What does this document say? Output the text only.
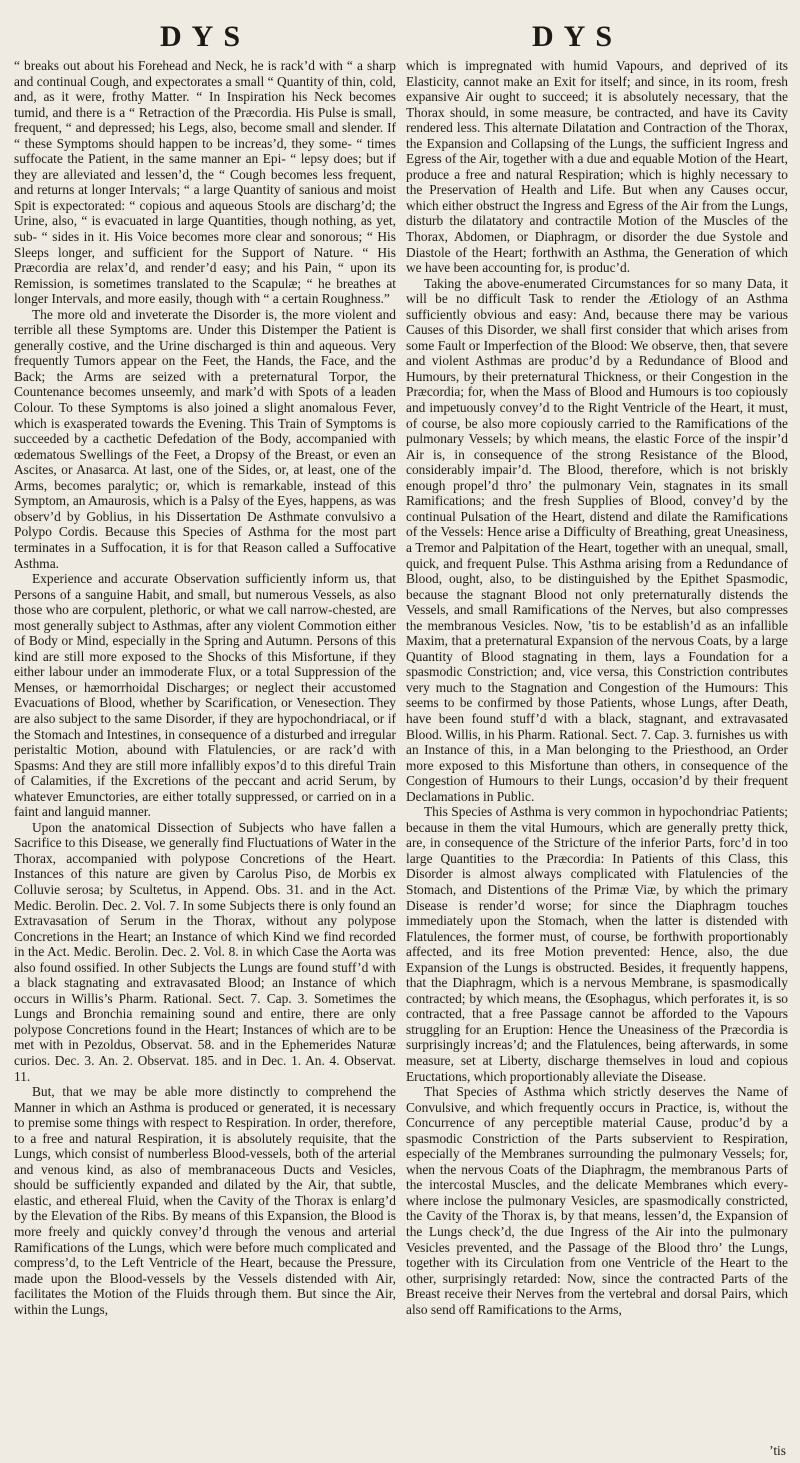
DYS	DYS

“ breaks out about his Forehead and Neck, he is rack’d with “ a sharp and continual Cough, and expectorates a small “ Quantity of thin, cold, and, as it were, frothy Matter. “ In Inspiration his Neck becomes tumid, and there is a “ Retraction of the Præcordia. His Pulse is small, frequent, “ and depressed; his Legs, also, become small and slender. If “ these Symptoms should happen to be increas’d, they some- “ times suffocate the Patient, in the same manner an Epi- “ lepsy does; but if they are alleviated and lessen’d, the “ Cough becomes less frequent, and returns at longer Intervals; “ a large Quantity of sanious and moist Spit is expectorated: “ copious and aqueous Stools are discharg’d; the Urine, also, “ is evacuated in large Quantities, though nothing, as yet, sub- “ sides in it. His Voice becomes more clear and sonorous; “ His Sleeps longer, and sufficient for the Support of Nature. “ His Præcordia are relax’d, and render’d easy; and his Pain, “ upon its Remission, is sometimes translated to the Scapulæ; “ he breathes at longer Intervals, and more easily, though with “ a certain Roughness.”

The more old and inveterate the Disorder is, the more violent and terrible all these Symptoms are. Under this Distemper the Patient is generally costive, and the Urine discharged is thin and aqueous. Very frequently Tumors appear on the Feet, the Hands, the Face, and the Back; the Arms are seized with a preternatural Torpor, the Countenance becomes unseemly, and mark’d with Spots of a leaden Colour. To these Symptoms is also joined a slight anomalous Fever, which is exasperated towards the Evening. This Train of Symptoms is succeeded by a cacthetic Defedation of the Body, accompanied with œdematous Swellings of the Feet, a Dropsy of the Breast, or even an Ascites, or Anasarca. At last, one of the Sides, or, at least, one of the Arms, becomes paralytic; or, which is remarkable, instead of this Symptom, an Amaurosis, which is a Palsy of the Eyes, happens, as was observ’d by Goblius, in his Dissertation De Asthmate convulsivo a Polypo Cordis. Because this Species of Asthma for the most part terminates in a Suffocation, it is for that Reason called a Suffocative Asthma.

Experience and accurate Observation sufficiently inform us, that Persons of a sanguine Habit, and small, but numerous Vessels, as also those who are corpulent, plethoric, or what we call narrow-chested, are most generally subject to Asthmas, after any violent Commotion either of Body or Mind, especially in the Spring and Autumn. Persons of this kind are still more exposed to the Shocks of this Misfortune, if they either labour under an immoderate Flux, or a total Suppression of the Menses, or hæmorrhoidal Discharges; or neglect their accustomed Evacuations of Blood, whether by Scarification, or Venesection. They are also subject to the same Disorder, if they are hypochondriacal, or if the Stomach and Intestines, in consequence of a disturbed and irregular peristaltic Motion, abound with Flatulencies, or are rack’d with Spasms: And they are still more infallibly expos’d to this direful Train of Calamities, if the Excretions of the peccant and acrid Serum, by whatever Emunctories, are either totally suppressed, or carried on in a faint and languid manner.

Upon the anatomical Dissection of Subjects who have fallen a Sacrifice to this Disease, we generally find Fluctuations of Water in the Thorax, accompanied with polypose Concretions of the Heart. Instances of this nature are given by Carolus Piso, de Morbis ex Colluvie serosa; by Scultetus, in Append. Obs. 31. and in the Act. Medic. Berolin. Dec. 2. Vol. 7. In some Subjects there is only found an Extravasation of Serum in the Thorax, without any polypose Concretions in the Heart; an Instance of which Kind we find recorded in the Act. Medic. Berolin. Dec. 2. Vol. 8. in which Case the Aorta was also found ossified. In other Subjects the Lungs are found stuff’d with a black stagnating and extravasated Blood; an Instance of which occurs in Willis’s Pharm. Rational. Sect. 7. Cap. 3. Sometimes the Lungs and Bronchia remaining sound and entire, there are only polypose Concretions found in the Heart; Instances of which are to be met with in Pezoldus, Observat. 58. and in the Ephemerides Naturæ curios. Dec. 3. An. 2. Observat. 185. and in Dec. 1. An. 4. Observat. 11.

But, that we may be able more distinctly to comprehend the Manner in which an Asthma is produced or generated, it is necessary to premise some things with respect to Respiration. In order, therefore, to a free and natural Respiration, it is absolutely requisite, that the Lungs, which consist of numberless Blood-vessels, both of the arterial and venous kind, as also of membranaceous Ducts and Vesicles, should be sufficiently expanded and dilated by the Air, that subtle, elastic, and ethereal Fluid, when the Cavity of the Thorax is enlarg’d by the Elevation of the Ribs. By means of this Expansion, the Blood is more freely and quickly convey’d through the venous and arterial Ramifications of the Lungs, which were before much complicated and compress’d, to the Left Ventricle of the Heart, because the Pressure, made upon the Blood-vessels by the Vessels distended with Air, facilitates the Motion of the Fluids through them. But since the Air, within the Lungs,

which is impregnated with humid Vapours, and deprived of its Elasticity, cannot make an Exit for itself; and since, in its room, fresh expansive Air ought to succeed; it is absolutely necessary, that the Thorax should, in some measure, be contracted, and have its Cavity rendered less. This alternate Dilatation and Contraction of the Thorax, the Expansion and Collapsing of the Lungs, the sufficient Ingress and Egress of the Air, together with a due and equable Motion of the Heart, produce a free and natural Respiration; which is highly necessary to the Preservation of Health and Life. But when any Causes occur, which either obstruct the Ingress and Egress of the Air from the Lungs, disturb the dilatatory and contractile Motion of the Muscles of the Thorax, Abdomen, or Diaphragm, or disorder the due Systole and Diastole of the Heart; forthwith an Asthma, the Generation of which we have been accounting for, is produc’d.

Taking the above-enumerated Circumstances for so many Data, it will be no difficult Task to render the Ætiology of an Asthma sufficiently obvious and easy: And, because there may be various Causes of this Disorder, we shall first consider that which arises from some Fault or Imperfection of the Blood: We observe, then, that severe and violent Asthmas are produc’d by a Redundance of Blood and Humours, by their preternatural Thickness, or their Congestion in the Præcordia; for, when the Mass of Blood and Humours is too copiously and impetuously convey’d to the Right Ventricle of the Heart, it must, of course, be also more copiously carried to the Ramifications of the pulmonary Vessels; by which means, the elastic Force of the inspir’d Air is, in consequence of the strong Resistance of the Blood, considerably impair’d. The Blood, therefore, which is not briskly enough propel’d thro’ the pulmonary Vein, stagnates in its small Ramifications; and the fresh Supplies of Blood, convey’d by the continual Pulsation of the Heart, distend and dilate the Ramifications of the Vessels: Hence arise a Difficulty of Breathing, great Uneasiness, a Tremor and Palpitation of the Heart, together with an unequal, small, quick, and frequent Pulse. This Asthma arising from a Redundance of Blood, ought, also, to be distinguished by the Epithet Spasmodic, because the stagnant Blood not only preternaturally distends the Vessels, and small Ramifications of the Nerves, but also compresses the membranous Vesicles. Now, ’tis to be establish’d as an infallible Maxim, that a preternatural Expansion of the nervous Coats, by a large Quantity of Blood stagnating in them, lays a Foundation for a spasmodic Constriction; and, vice versa, this Constriction contributes very much to the Stagnation and Congestion of the Humours: This seems to be confirmed by those Patients, whose Lungs, after Death, have been found stuff’d with a black, stagnant, and extravasated Blood. Willis, in his Pharm. Rational. Sect. 7. Cap. 3. furnishes us with an Instance of this, in a Man belonging to the Priesthood, an Order more exposed to this Misfortune than others, in consequence of the Congestion of Humours to their Lungs, occasion’d by their frequent Declamations in Public.

This Species of Asthma is very common in hypochondriac Patients; because in them the vital Humours, which are generally pretty thick, are, in consequence of the Stricture of the inferior Parts, forc’d in too large Quantities to the Præcordia: In Patients of this Class, this Disorder is almost always complicated with Flatulencies of the Stomach, and Distentions of the Primæ Viæ, by which the primary Disease is render’d worse; for since the Diaphragm touches immediately upon the Stomach, when the latter is distended with Flatulences, the former must, of course, be forthwith proportionably affected, and its free Motion prevented: Hence, also, the due Expansion of the Lungs is obstructed. Besides, it frequently happens, that the Diaphragm, which is a nervous Membrane, is spasmodically contracted; by which means, the Œsophagus, which perforates it, is so contracted, that a free Passage cannot be afforded to the Vapours struggling for an Eruption: Hence the Uneasiness of the Præcordia is surprisingly increas’d; and the Flatulences, being afterwards, in some measure, set at Liberty, discharge themselves in loud and copious Eructations, which proportionably alleviate the Disease.

That Species of Asthma which strictly deserves the Name of Convulsive, and which frequently occurs in Practice, is, without the Concurrence of any perceptible material Cause, produc’d by a spasmodic Constriction of the Parts subservient to Respiration, especially of the Membranes surrounding the pulmonary Vessels; for, when the nervous Coats of the Diaphragm, the membranous Parts of the intercostal Muscles, and the delicate Membranes which every-where inclose the pulmonary Vesicles, are spasmodically constricted, the Cavity of the Thorax is, by that means, lessen’d, the Expansion of the Lungs check’d, the due Ingress of the Air into the pulmonary Vesicles prevented, and the Passage of the Blood thro’ the Lungs, together with its Circulation from one Ventricle of the Heart to the other, surprisingly retarded: Now, since the contracted Parts of the Breast receive their Nerves from the vertebral and dorsal Pairs, which also send off Ramifications to the Arms,

’tis
